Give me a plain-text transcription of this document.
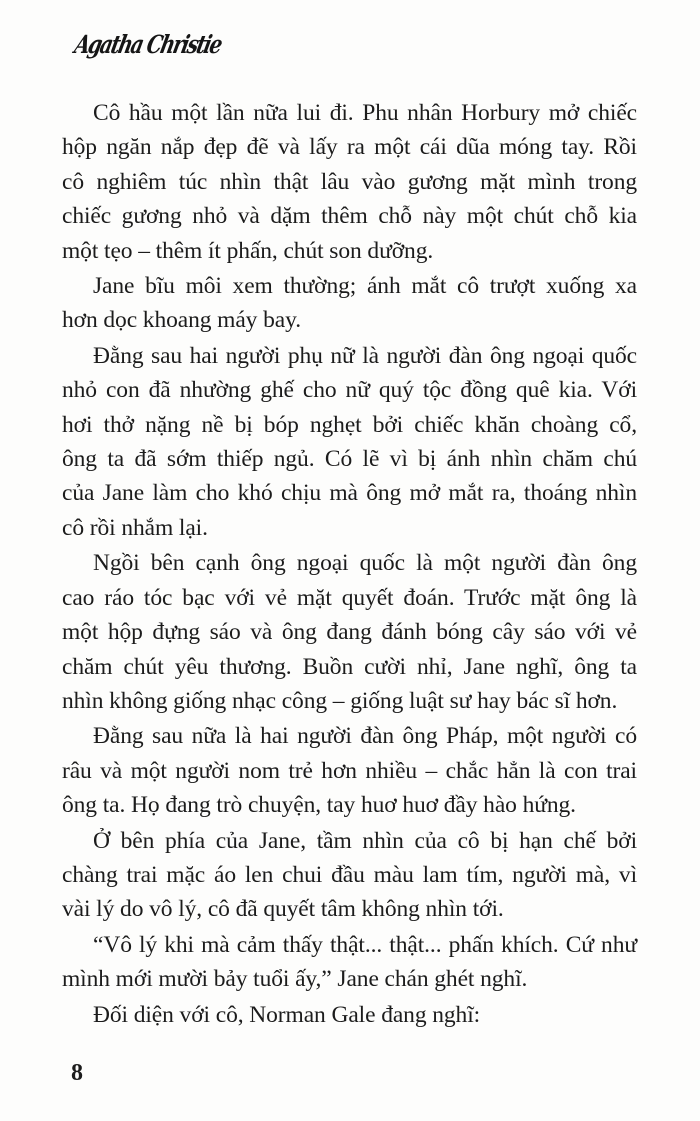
Agatha Christie

Cô hầu một lần nữa lui đi. Phu nhân Horbury mở chiếc
hộp ngăn nắp đẹp đẽ và lấy ra một cái dũa móng tay. Rồi
cô nghiêm túc nhìn thật lâu vào gương mặt mình trong
chiếc gương nhỏ và dặm thêm chỗ này một chút chỗ kia
một tẹo – thêm ít phấn, chút son dưỡng.

Jane bĩu môi xem thường; ánh mắt cô trượt xuống xa
hơn dọc khoang máy bay.

Đằng sau hai người phụ nữ là người đàn ông ngoại quốc
nhỏ con đã nhường ghế cho nữ quý tộc đồng quê kia. Với
hơi thở nặng nề bị bóp nghẹt bởi chiếc khăn choàng cổ,
ông ta đã sớm thiếp ngủ. Có lẽ vì bị ánh nhìn chăm chú
của Jane làm cho khó chịu mà ông mở mắt ra, thoáng nhìn
cô rồi nhắm lại.

Ngồi bên cạnh ông ngoại quốc là một người đàn ông
cao ráo tóc bạc với vẻ mặt quyết đoán. Trước mặt ông là
một hộp đựng sáo và ông đang đánh bóng cây sáo với vẻ
chăm chút yêu thương. Buồn cười nhỉ, Jane nghĩ, ông ta
nhìn không giống nhạc công – giống luật sư hay bác sĩ hơn.

Đằng sau nữa là hai người đàn ông Pháp, một người có
râu và một người nom trẻ hơn nhiều – chắc hẳn là con trai
ông ta. Họ đang trò chuyện, tay huơ huơ đầy hào hứng.

Ở bên phía của Jane, tầm nhìn của cô bị hạn chế bởi
chàng trai mặc áo len chui đầu màu lam tím, người mà, vì
vài lý do vô lý, cô đã quyết tâm không nhìn tới.

“Vô lý khi mà cảm thấy thật... thật... phấn khích. Cứ như
mình mới mười bảy tuổi ấy,” Jane chán ghét nghĩ.

Đối diện với cô, Norman Gale đang nghĩ:

8
